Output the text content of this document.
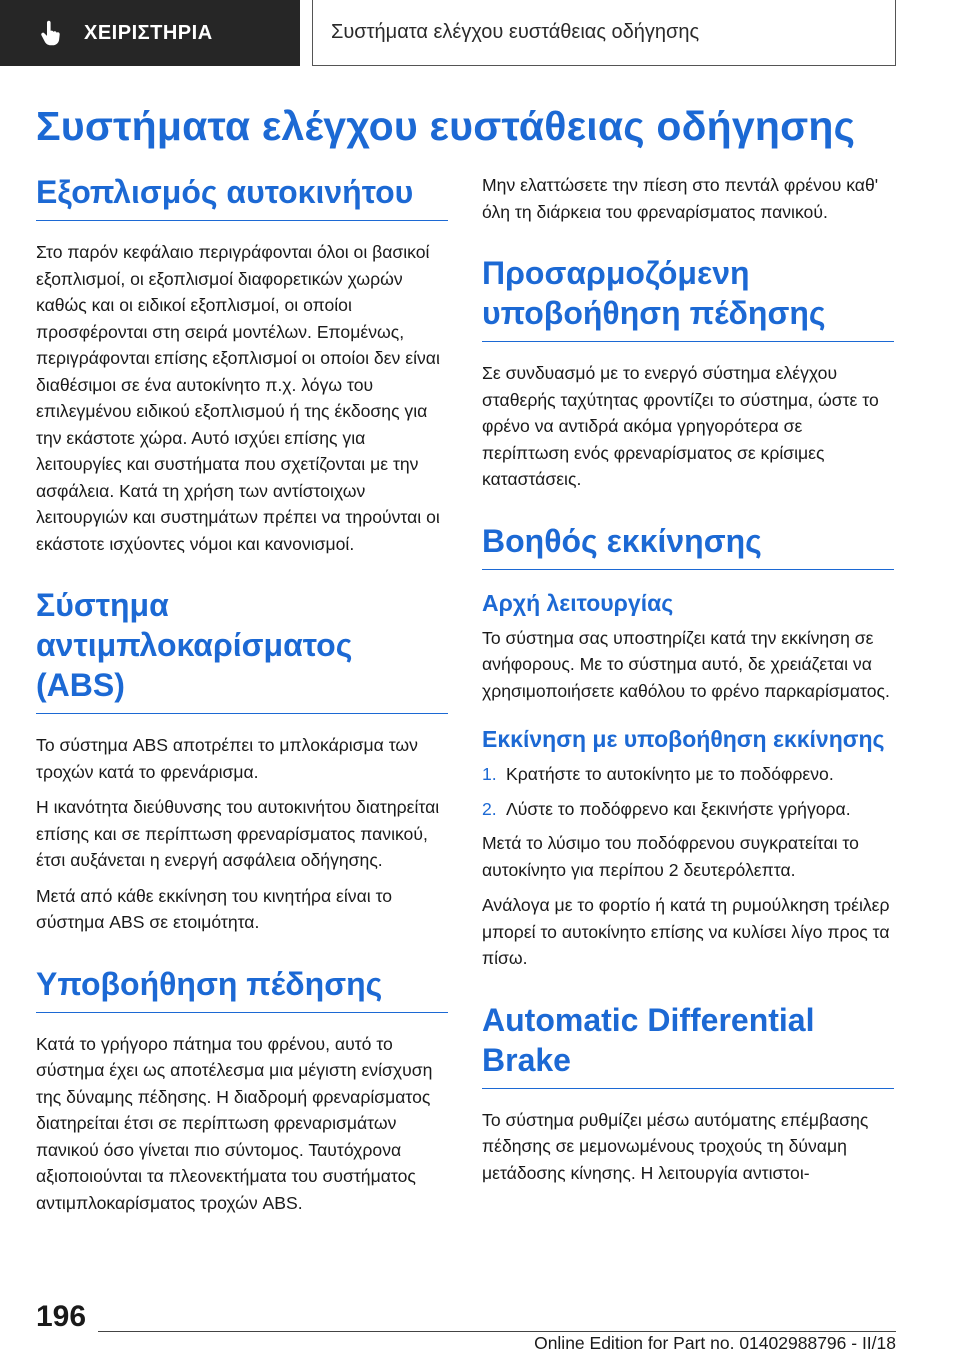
ΧΕΙΡΙΣΤΗΡΙΑ	Συστήματα ελέγχου ευστάθειας οδήγησης
Συστήματα ελέγχου ευστάθειας οδήγησης
Εξοπλισμός αυτοκινήτου

Στο παρόν κεφάλαιο περιγράφονται όλοι οι βασικοί εξοπλισμοί, οι εξοπλισμοί διαφορετικών χωρών καθώς και οι ειδικοί εξοπλισμοί, οι οποίοι προσφέρονται στη σειρά μοντέλων. Επομένως, περιγράφονται επίσης εξοπλισμοί οι οποίοι δεν είναι διαθέσιμοι σε ένα αυτοκίνητο π.χ. λόγω του επιλεγμένου ειδικού εξοπλισμού ή της έκδοσης για την εκάστοτε χώρα. Αυτό ισχύει επίσης για λειτουργίες και συστήματα που σχετίζονται με την ασφάλεια. Κατά τη χρήση των αντίστοιχων λειτουργιών και συστημάτων πρέπει να τηρούνται οι εκάστοτε ισχύοντες νόμοι και κανονισμοί.

Σύστημα αντιμπλοκαρίσματος (ABS)

Το σύστημα ABS αποτρέπει το μπλοκάρισμα των τροχών κατά το φρενάρισμα.

Η ικανότητα διεύθυνσης του αυτοκινήτου διατηρείται επίσης και σε περίπτωση φρεναρίσματος πανικού, έτσι αυξάνεται η ενεργή ασφάλεια οδήγησης.

Μετά από κάθε εκκίνηση του κινητήρα είναι το σύστημα ABS σε ετοιμότητα.

Υποβοήθηση πέδησης

Κατά το γρήγορο πάτημα του φρένου, αυτό το σύστημα έχει ως αποτέλεσμα μια μέγιστη ενίσχυση της δύναμης πέδησης. Η διαδρομή φρεναρίσματος διατηρείται έτσι σε περίπτωση φρεναρισμάτων πανικού όσο γίνεται πιο σύντομος. Ταυτόχρονα αξιοποιούνται τα πλεονεκτήματα του συστήματος αντιμπλοκαρίσματος τροχών ABS.

Μην ελαττώσετε την πίεση στο πεντάλ φρένου καθ' όλη τη διάρκεια του φρεναρίσματος πανικού.

Προσαρμοζόμενη υποβοήθηση πέδησης

Σε συνδυασμό με το ενεργό σύστημα ελέγχου σταθερής ταχύτητας φροντίζει το σύστημα, ώστε το φρένο να αντιδρά ακόμα γρηγορότερα σε περίπτωση ενός φρεναρίσματος σε κρίσιμες καταστάσεις.

Βοηθός εκκίνησης
Αρχή λειτουργίας

Το σύστημα σας υποστηρίζει κατά την εκκίνηση σε ανήφορους. Με το σύστημα αυτό, δε χρειάζεται να χρησιμοποιήσετε καθόλου το φρένο παρκαρίσματος.

Εκκίνηση με υποβοήθηση εκκίνησης
1. Κρατήστε το αυτοκίνητο με το ποδόφρενο.
2. Λύστε το ποδόφρενο και ξεκινήστε γρήγορα.

Μετά το λύσιμο του ποδόφρενου συγκρατείται το αυτοκίνητο για περίπου 2 δευτερόλεπτα.

Ανάλογα με το φορτίο ή κατά τη ρυμούλκηση τρέιλερ μπορεί το αυτοκίνητο επίσης να κυλίσει λίγο προς τα πίσω.

Automatic Differential Brake

Το σύστημα ρυθμίζει μέσω αυτόματης επέμβασης πέδησης σε μεμονωμένους τροχούς τη δύναμη μετάδοσης κίνησης. Η λειτουργία αντιστοι-

196
Online Edition for Part no. 01402988796 - II/18
